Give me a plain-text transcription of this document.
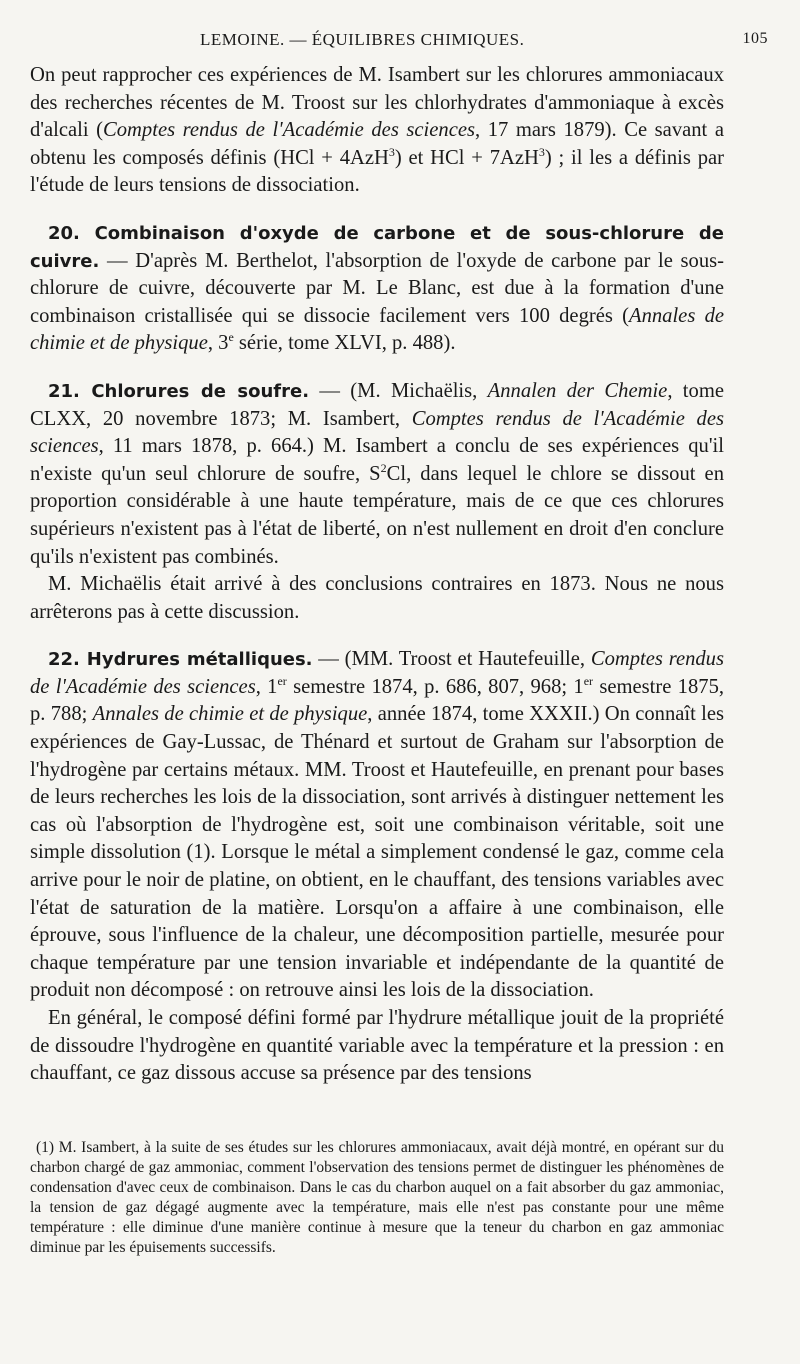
LEMOINE. — ÉQUILIBRES CHIMIQUES.	105

On peut rapprocher ces expériences de M. Isambert sur les chlorures ammoniacaux des recherches récentes de M. Troost sur les chlorhydrates d'ammoniaque à excès d'alcali (Comptes rendus de l'Académie des sciences, 17 mars 1879). Ce savant a obtenu les composés définis (HCl + 4AzH$^3$) et HCl + 7AzH$^3$) ; il les a définis par l'étude de leurs tensions de dissociation.

20. Combinaison d'oxyde de carbone et de sous-chlorure de cuivre. — D'après M. Berthelot, l'absorption de l'oxyde de carbone par le sous-chlorure de cuivre, découverte par M. Le Blanc, est due à la formation d'une combinaison cristallisée qui se dissocie facilement vers 100 degrés (Annales de chimie et de physique, 3e série, tome XLVI, p. 488).

21. Chlorures de soufre. — (M. Michaëlis, Annalen der Chemie, tome CLXX, 20 novembre 1873; M. Isambert, Comptes rendus de l'Académie des sciences, 11 mars 1878, p. 664.) M. Isambert a conclu de ses expériences qu'il n'existe qu'un seul chlorure de soufre, $S^2Cl$, dans lequel le chlore se dissout en proportion considérable à une haute température, mais de ce que ces chlorures supérieurs n'existent pas à l'état de liberté, on n'est nullement en droit d'en conclure qu'ils n'existent pas combinés.

M. Michaëlis était arrivé à des conclusions contraires en 1873. Nous ne nous arrêterons pas à cette discussion.

22. Hydrures métalliques. — (MM. Troost et Hautefeuille, Comptes rendus de l'Académie des sciences, 1er semestre 1874, p. 686, 807, 968; 1er semestre 1875, p. 788; Annales de chimie et de physique, année 1874, tome XXXII.) On connaît les expériences de Gay-Lussac, de Thénard et surtout de Graham sur l'absorption de l'hydrogène par certains métaux. MM. Troost et Hautefeuille, en prenant pour bases de leurs recherches les lois de la dissociation, sont arrivés à distinguer nettement les cas où l'absorption de l'hydrogène est, soit une combinaison véritable, soit une simple dissolution (1). Lorsque le métal a simplement condensé le gaz, comme cela arrive pour le noir de platine, on obtient, en le chauffant, des tensions variables avec l'état de saturation de la matière. Lorsqu'on a affaire à une combinaison, elle éprouve, sous l'influence de la chaleur, une décomposition partielle, mesurée pour chaque température par une tension invariable et indépendante de la quantité de produit non décomposé : on retrouve ainsi les lois de la dissociation.

En général, le composé défini formé par l'hydrure métallique jouit de la propriété de dissoudre l'hydrogène en quantité variable avec la température et la pression : en chauffant, ce gaz dissous accuse sa présence par des tensions

(1) M. Isambert, à la suite de ses études sur les chlorures ammoniacaux, avait déjà montré, en opérant sur du charbon chargé de gaz ammoniac, comment l'observation des tensions permet de distinguer les phénomènes de condensation d'avec ceux de combinaison. Dans le cas du charbon auquel on a fait absorber du gaz ammoniac, la tension de gaz dégagé augmente avec la température, mais elle n'est pas constante pour une même température : elle diminue d'une manière continue à mesure que la teneur du charbon en gaz ammoniac diminue par les épuisements successifs.
